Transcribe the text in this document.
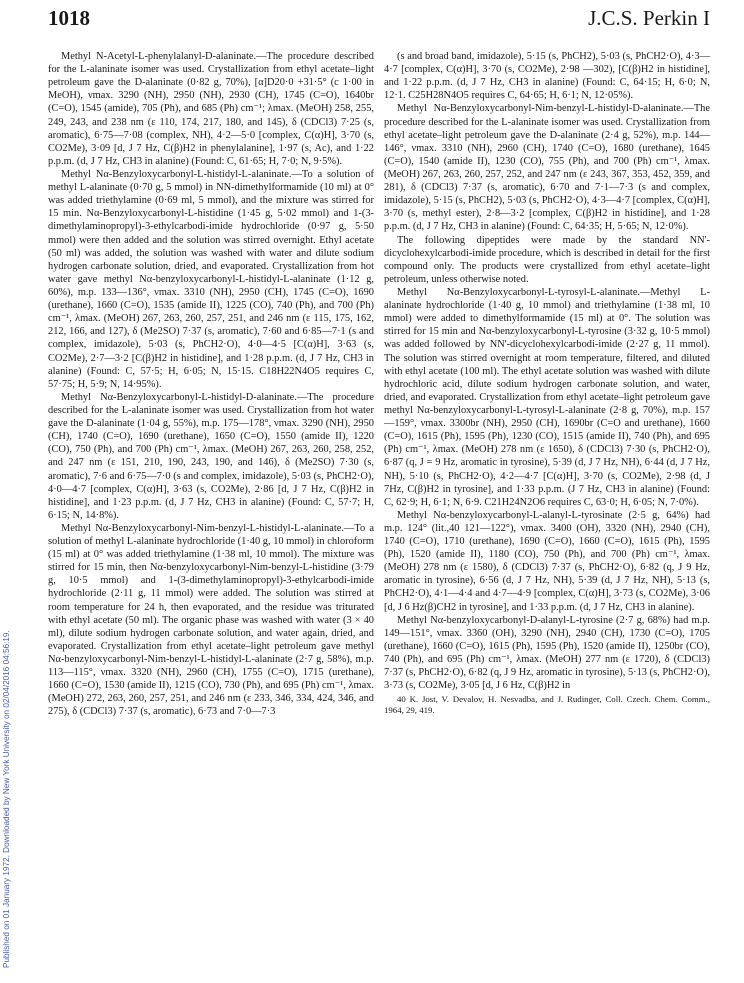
1018	J.C.S. Perkin I
Published on 01 January 1972. Downloaded by New York University on 02/04/2016 04:56:19.

Methyl N-Acetyl-L-phenylalanyl-D-alaninate.—The procedure described for the L-alaninate isomer was used. Crystallization from ethyl acetate–light petroleum gave the D-alaninate (0·82 g, 70%), [α]D20·0 +31·5° (c 1·00 in MeOH), νmax. 3290 (NH), 2950 (NH), 2930 (CH), 1745 (C=O), 1640br (C=O), 1545 (amide), 705 (Ph), and 685 (Ph) cm⁻¹; λmax. (MeOH) 258, 255, 249, 243, and 238 nm (ε 110, 174, 217, 180, and 145), δ (CDCl3) 7·25 (s, aromatic), 6·75—7·08 (complex, NH), 4·2—5·0 [complex, C(α)H], 3·70 (s, CO2Me), 3·09 [d, J 7 Hz, C(β)H2 in phenylalanine], 1·97 (s, Ac), and 1·22 p.p.m. (d, J 7 Hz, CH3 in alanine) (Found: C, 61·65; H, 7·0; N, 9·5%).

Methyl Nα-Benzyloxycarbonyl-L-histidyl-L-alaninate.—To a solution of methyl L-alaninate (0·70 g, 5 mmol) in NN-dimethylformamide (10 ml) at 0° was added triethylamine (0·69 ml, 5 mmol), and the mixture was stirred for 15 min. Nα-Benzyloxycarbonyl-L-histidine (1·45 g, 5·02 mmol) and 1-(3-dimethylaminopropyl)-3-ethylcarbodi-imide hydrochloride (0·97 g, 5·50 mmol) were then added and the solution was stirred overnight. Ethyl acetate (50 ml) was added, the solution was washed with water and dilute sodium hydrogen carbonate solution, dried, and evaporated. Crystallization from hot water gave methyl Nα-benzyloxycarbonyl-L-histidyl-L-alaninate (1·12 g, 60%), m.p. 133—136°, νmax. 3310 (NH), 2950 (CH), 1745 (C=O), 1690 (urethane), 1660 (C=O), 1535 (amide II), 1225 (CO), 740 (Ph), and 700 (Ph) cm⁻¹, λmax. (MeOH) 267, 263, 260, 257, 251, and 246 nm (ε 115, 175, 162, 212, 166, and 127), δ (Me2SO) 7·37 (s, aromatic), 7·60 and 6·85—7·1 (s and complex, imidazole), 5·03 (s, PhCH2·O), 4·0—4·5 [C(α)H], 3·63 (s, CO2Me), 2·7—3·2 [C(β)H2 in histidine], and 1·28 p.p.m. (d, J 7 Hz, CH3 in alanine) (Found: C, 57·5; H, 6·05; N, 15·15. C18H22N4O5 requires C, 57·75; H, 5·9; N, 14·95%).

Methyl Nα-Benzyloxycarbonyl-L-histidyl-D-alaninate.—The procedure described for the L-alaninate isomer was used. Crystallization from hot water gave the D-alaninate (1·04 g, 55%), m.p. 175—178°, νmax. 3290 (NH), 2950 (CH), 1740 (C=O), 1690 (urethane), 1650 (C=O), 1550 (amide II), 1220 (CO), 750 (Ph), and 700 (Ph) cm⁻¹, λmax. (MeOH) 267, 263, 260, 258, 252, and 247 nm (ε 151, 210, 190, 243, 190, and 146), δ (Me2SO) 7·30 (s, aromatic), 7·6 and 6·75—7·0 (s and complex, imidazole), 5·03 (s, PhCH2·O), 4·0—4·7 [complex, C(α)H], 3·63 (s, CO2Me), 2·86 [d, J 7 Hz, C(β)H2 in histidine], and 1·23 p.p.m. (d, J 7 Hz, CH3 in alanine) (Found: C, 57·7; H, 6·15; N, 14·8%).

Methyl Nα-Benzyloxycarbonyl-Nim-benzyl-L-histidyl-L-alaninate.—To a solution of methyl L-alaninate hydrochloride (1·40 g, 10 mmol) in chloroform (15 ml) at 0° was added triethylamine (1·38 ml, 10 mmol). The mixture was stirred for 15 min, then Nα-benzyloxycarbonyl-Nim-benzyl-L-histidine (3·79 g, 10·5 mmol) and 1-(3-dimethylaminopropyl)-3-ethylcarbodi-imide hydrochloride (2·11 g, 11 mmol) were added. The solution was stirred at room temperature for 24 h, then evaporated, and the residue was triturated with ethyl acetate (50 ml). The organic phase was washed with water (3 × 40 ml), dilute sodium hydrogen carbonate solution, and water again, dried, and evaporated. Crystallization from ethyl acetate–light petroleum gave methyl Nα-benzyloxycarbonyl-Nim-benzyl-L-histidyl-L-alaninate (2·7 g, 58%), m.p. 113—115°, νmax. 3320 (NH), 2960 (CH), 1755 (C=O), 1715 (urethane), 1660 (C=O), 1530 (amide II), 1215 (CO), 730 (Ph), and 695 (Ph) cm⁻¹, λmax. (MeOH) 272, 263, 260, 257, 251, and 246 nm (ε 233, 346, 334, 424, 346, and 275), δ (CDCl3) 7·37 (s, aromatic), 6·73 and 7·0—7·3

(s and broad band, imidazole), 5·15 (s, PhCH2), 5·03 (s, PhCH2·O), 4·3—4·7 [complex, C(α)H], 3·70 (s, CO2Me), 2·98 —302), [C(β)H2 in histidine], and 1·22 p.p.m. (d, J 7 Hz, CH3 in alanine) (Found: C, 64·15; H, 6·0; N, 12·1. C25H28N4O5 requires C, 64·65; H, 6·1; N, 12·05%).

Methyl Nα-Benzyloxycarbonyl-Nim-benzyl-L-histidyl-D-alaninate.—The procedure described for the L-alaninate isomer was used. Crystallization from ethyl acetate–light petroleum gave the D-alaninate (2·4 g, 52%), m.p. 144—146°, νmax. 3310 (NH), 2960 (CH), 1740 (C=O), 1680 (urethane), 1645 (C=O), 1540 (amide II), 1230 (CO), 755 (Ph), and 700 (Ph) cm⁻¹, λmax. (MeOH) 267, 263, 260, 257, 252, and 247 nm (ε 243, 367, 353, 452, 359, and 281), δ (CDCl3) 7·37 (s, aromatic), 6·70 and 7·1—7·3 (s and complex, imidazole), 5·15 (s, PhCH2), 5·03 (s, PhCH2·O), 4·3—4·7 [complex, C(α)H], 3·70 (s, methyl ester), 2·8—3·2 [complex, C(β)H2 in histidine], and 1·28 p.p.m. (d, J 7 Hz, CH3 in alanine) (Found: C, 64·35; H, 5·65; N, 12·0%).

The following dipeptides were made by the standard NN'-dicyclohexylcarbodi-imide procedure, which is described in detail for the first compound only. The products were crystallized from ethyl acetate–light petroleum, unless otherwise noted.

Methyl Nα-Benzyloxycarbonyl-L-tyrosyl-L-alaninate.—Methyl L-alaninate hydrochloride (1·40 g, 10 mmol) and triethylamine (1·38 ml, 10 mmol) were added to dimethylformamide (15 ml) at 0°. The solution was stirred for 15 min and Nα-benzyloxycarbonyl-L-tyrosine (3·32 g, 10·5 mmol) was added followed by NN'-dicyclohexylcarbodi-imide (2·27 g, 11 mmol). The solution was stirred overnight at room temperature, filtered, and diluted with ethyl acetate (100 ml). The ethyl acetate solution was washed with dilute hydrochloric acid, dilute sodium hydrogen carbonate solution, and water, dried, and evaporated. Crystallization from ethyl acetate–light petroleum gave methyl Nα-benzyloxycarbonyl-L-tyrosyl-L-alaninate (2·8 g, 70%), m.p. 157—159°, νmax. 3300br (NH), 2950 (CH), 1690br (C=O and urethane), 1660 (C=O), 1615 (Ph), 1595 (Ph), 1230 (CO), 1515 (amide II), 740 (Ph), and 695 (Ph) cm⁻¹, λmax. (MeOH) 278 nm (ε 1650), δ (CDCl3) 7·30 (s, PhCH2·O), 6·87 (q, J = 9 Hz, aromatic in tyrosine), 5·39 (d, J 7 Hz, NH), 6·44 (d, J 7 Hz, NH), 5·10 (s, PhCH2·O), 4·2—4·7 [C(α)H], 3·70 (s, CO2Me), 2·98 (d, J 7Hz, C(β)H2 in tyrosine], and 1·33 p.p.m. (J 7 Hz, CH3 in alanine) (Found: C, 62·9; H, 6·1; N, 6·9. C21H24N2O6 requires C, 63·0; H, 6·05; N, 7·0%).

Methyl Nα-benzyloxycarbonyl-L-alanyl-L-tyrosinate (2·5 g, 64%) had m.p. 124° (lit.,40 121—122°), νmax. 3400 (OH), 3320 (NH), 2940 (CH), 1740 (C=O), 1710 (urethane), 1690 (C=O), 1660 (C=O), 1615 (Ph), 1595 (Ph), 1520 (amide II), 1180 (CO), 750 (Ph), and 700 (Ph) cm⁻¹, λmax. (MeOH) 278 nm (ε 1580), δ (CDCl3) 7·37 (s, PhCH2·O), 6·82 (q, J 9 Hz, aromatic in tyrosine), 6·56 (d, J 7 Hz, NH), 5·39 (d, J 7 Hz, NH), 5·13 (s, PhCH2·O), 4·1—4·4 and 4·7—4·9 [complex, C(α)H], 3·73 (s, CO2Me), 3·06 [d, J 6 Hz(β)CH2 in tyrosine], and 1·33 p.p.m. (d, J 7 Hz, CH3 in alanine).

Methyl Nα-benzyloxycarbonyl-D-alanyl-L-tyrosine (2·7 g, 68%) had m.p. 149—151°, νmax. 3360 (OH), 3290 (NH), 2940 (CH), 1730 (C=O), 1705 (urethane), 1660 (C=O), 1615 (Ph), 1595 (Ph), 1520 (amide II), 1250br (CO), 740 (Ph), and 695 (Ph) cm⁻¹, λmax. (MeOH) 277 nm (ε 1720), δ (CDCl3) 7·37 (s, PhCH2·O), 6·82 (q, J 9 Hz, aromatic in tyrosine), 5·13 (s, PhCH2·O), 3·73 (s, CO2Me), 3·05 [d, J 6 Hz, C(β)H2 in

40 K. Jost, V. Devalov, H. Nesvadba, and J. Rudinger, Coll. Czech. Chem. Comm., 1964, 29, 419.
